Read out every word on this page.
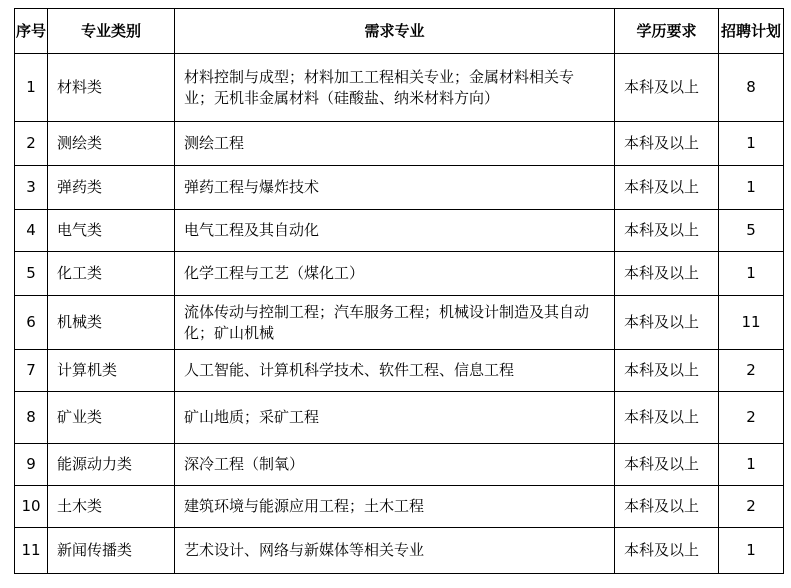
序号	专业类别	需求专业	学历要求	招聘计划
1	材料类	材料控制与成型；材料加工工程相关专业；金属材料相关专业；无机非金属材料（硅酸盐、纳米材料方向）	本科及以上	8
2	测绘类	测绘工程	本科及以上	1
3	弹药类	弹药工程与爆炸技术	本科及以上	1
4	电气类	电气工程及其自动化	本科及以上	5
5	化工类	化学工程与工艺（煤化工）	本科及以上	1
6	机械类	流体传动与控制工程；汽车服务工程；机械设计制造及其自动化；矿山机械	本科及以上	11
7	计算机类	人工智能、计算机科学技术、软件工程、信息工程	本科及以上	2
8	矿业类	矿山地质；采矿工程	本科及以上	2
9	能源动力类	深冷工程（制氧）	本科及以上	1
10	土木类	建筑环境与能源应用工程；土木工程	本科及以上	2
11	新闻传播类	艺术设计、网络与新媒体等相关专业	本科及以上	1
